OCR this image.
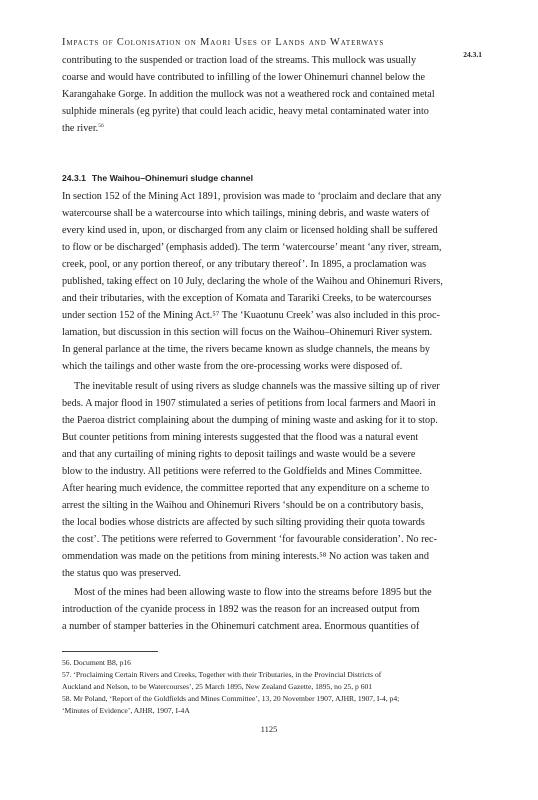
Impacts of Colonisation on Maori Uses of Lands and Waterways
24.3.1

contributing to the suspended or traction load of the streams. This mullock was usually
coarse and would have contributed to infilling of the lower Ohinemuri channel below the
Karangahake Gorge. In addition the mullock was not a weathered rock and contained metal
sulphide minerals (eg pyrite) that could leach acidic, heavy metal contaminated water into
the river.$^{56}$

24.3.1 The Waihou–Ohinemuri sludge channel

In section 152 of the Mining Act 1891, provision was made to ‘proclaim and declare that any
watercourse shall be a watercourse into which tailings, mining debris, and waste waters of
every kind used in, upon, or discharged from any claim or licensed holding shall be suffered
to flow or be discharged’ (emphasis added). The term ‘watercourse’ meant ‘any river, stream,
creek, pool, or any portion thereof, or any tributary thereof’. In 1895, a proclamation was
published, taking effect on 10 July, declaring the whole of the Waihou and Ohinemuri Rivers,
and their tributaries, with the exception of Komata and Tarariki Creeks, to be watercourses
under section 152 of the Mining Act.⁵⁷ The ‘Kuaotunu Creek’ was also included in this proc-
lamation, but discussion in this section will focus on the Waihou–Ohinemuri River system.
In general parlance at the time, the rivers became known as sludge channels, the means by
which the tailings and other waste from the ore-processing works were disposed of.

The inevitable result of using rivers as sludge channels was the massive silting up of river
beds. A major flood in 1907 stimulated a series of petitions from local farmers and Maori in
the Paeroa district complaining about the dumping of mining waste and asking for it to stop.
But counter petitions from mining interests suggested that the flood was a natural event
and that any curtailing of mining rights to deposit tailings and waste would be a severe
blow to the industry. All petitions were referred to the Goldfields and Mines Committee.
After hearing much evidence, the committee reported that any expenditure on a scheme to
arrest the silting in the Waihou and Ohinemuri Rivers ‘should be on a contributory basis,
the local bodies whose districts are affected by such silting providing their quota towards
the cost’. The petitions were referred to Government ‘for favourable consideration’. No rec-
ommendation was made on the petitions from mining interests.⁵⁸ No action was taken and
the status quo was preserved.

Most of the mines had been allowing waste to flow into the streams before 1895 but the
introduction of the cyanide process in 1892 was the reason for an increased output from
a number of stamper batteries in the Ohinemuri catchment area. Enormous quantities of

56. Document B8, p16
57. ‘Proclaiming Certain Rivers and Creeks, Together with their Tributaries, in the Provincial Districts of
Auckland and Nelson, to be Watercourses’, 25 March 1895, New Zealand Gazette, 1895, no 25, p 601
58. Mr Poland, ‘Report of the Goldfields and Mines Committee’, 13, 20 November 1907, AJHR, 1907, I-4, p4;
‘Minutes of Evidence’, AJHR, 1907, I-4A

1125
